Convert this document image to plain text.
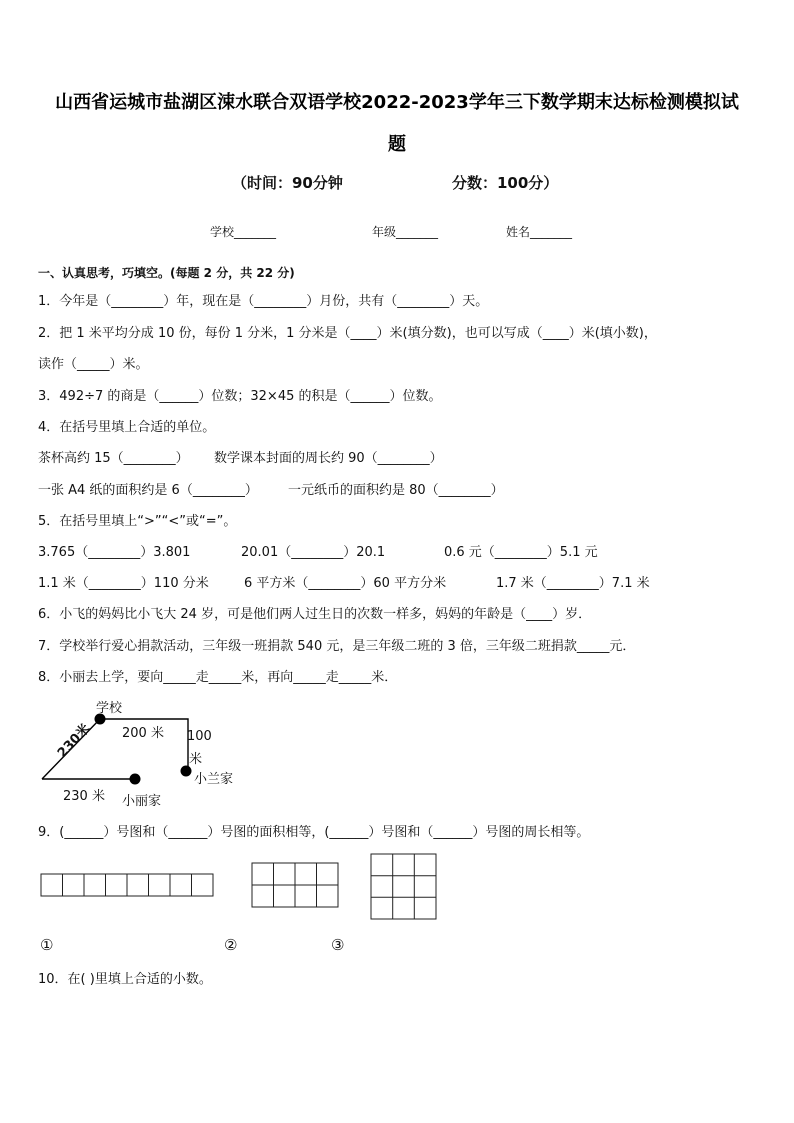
山西省运城市盐湖区涑水联合双语学校2022-2023学年三下数学期末达标检测模拟试
题
（时间：90分钟	分数：100分）
学校_______	年级_______	姓名_______
一、认真思考，巧填空。(每题 2 分，共 22 分)
1．今年是（________）年，现在是（________）月份，共有（________）天。
2．把 1 米平均分成 10 份，每份 1 分米，1 分米是（____）米(填分数)，也可以写成（____）米(填小数)，
读作（_____）米。
3．492÷7 的商是（______）位数；32×45 的积是（______）位数。
4．在括号里填上合适的单位。
茶杯高约 15（________） 数学课本封面的周长约 90（________）
一张 A4 纸的面积约是 6（________） 一元纸币的面积约是 80（________）
5．在括号里填上“>”“<”或“=”。
3.765（________）3.801	20.01（________）20.1	0.6 元（________）5.1 元
1.1 米（________）110 分米	6 平方米（________）60 平方分米	1.7 米（________）7.1 米
6．小飞的妈妈比小飞大 24 岁，可是他们两人过生日的次数一样多，妈妈的年龄是（____）岁．
7．学校举行爱心捐款活动，三年级一班捐款 540 元，是三年级二班的 3 倍，三年级二班捐款_____元．
8．小丽去上学，要向_____走_____米，再向_____走_____米．
学校
200 米 100
米
小兰家
230米
230 米 小丽家
9．(______）号图和（______）号图的面积相等，(______）号图和（______）号图的周长相等。
①	②	③
10．在( )里填上合适的小数。
